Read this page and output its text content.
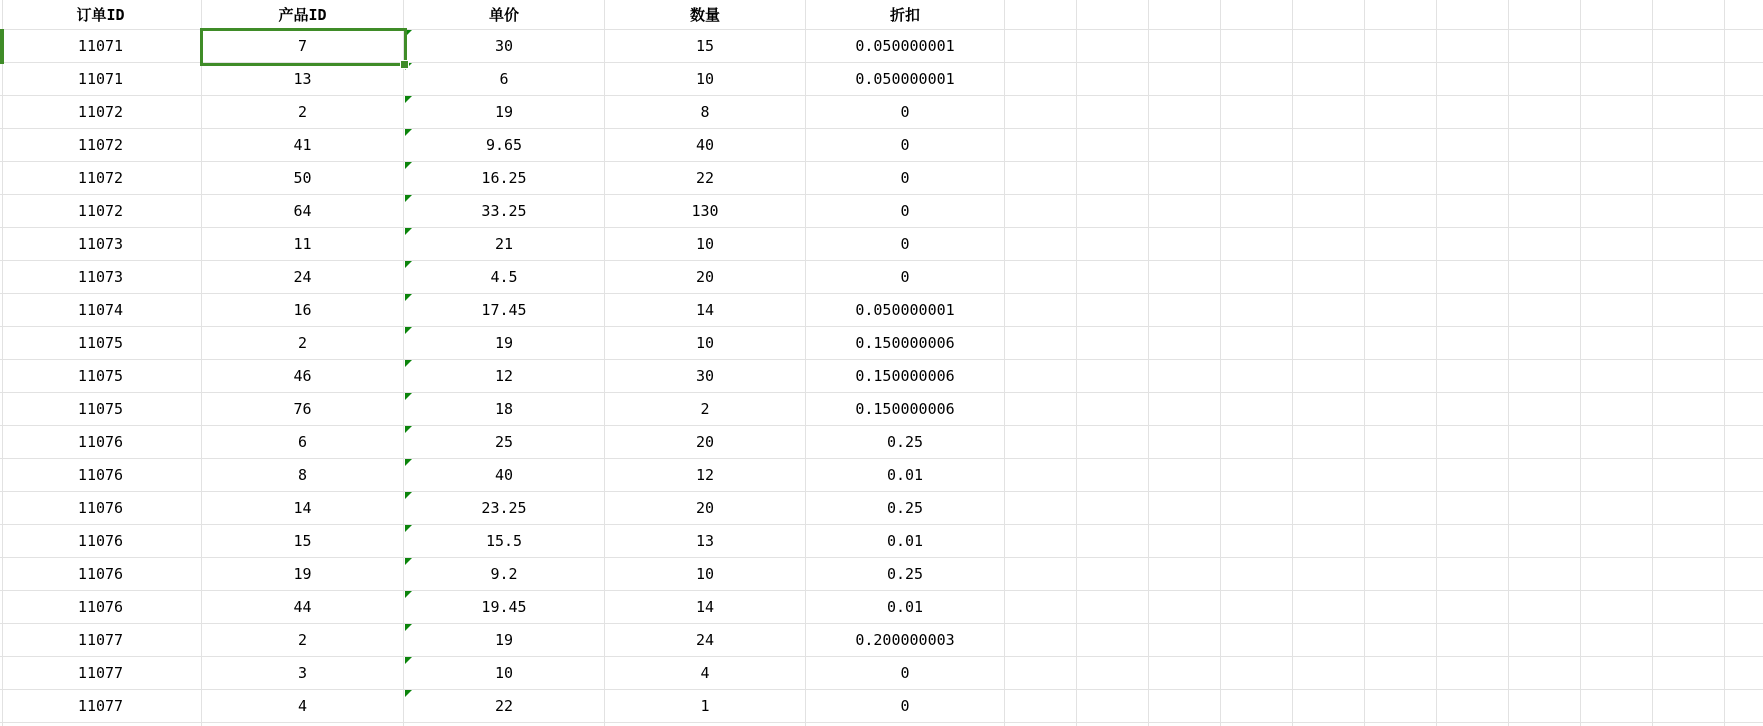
订单ID	产品ID	单价	数量	折扣
11071	7	30	15	0.050000001
11071	13	6	10	0.050000001
11072	2	19	8	0
11072	41	9.65	40	0
11072	50	16.25	22	0
11072	64	33.25	130	0
11073	11	21	10	0
11073	24	4.5	20	0
11074	16	17.45	14	0.050000001
11075	2	19	10	0.150000006
11075	46	12	30	0.150000006
11075	76	18	2	0.150000006
11076	6	25	20	0.25
11076	8	40	12	0.01
11076	14	23.25	20	0.25
11076	15	15.5	13	0.01
11076	19	9.2	10	0.25
11076	44	19.45	14	0.01
11077	2	19	24	0.200000003
11077	3	10	4	0
11077	4	22	1	0
